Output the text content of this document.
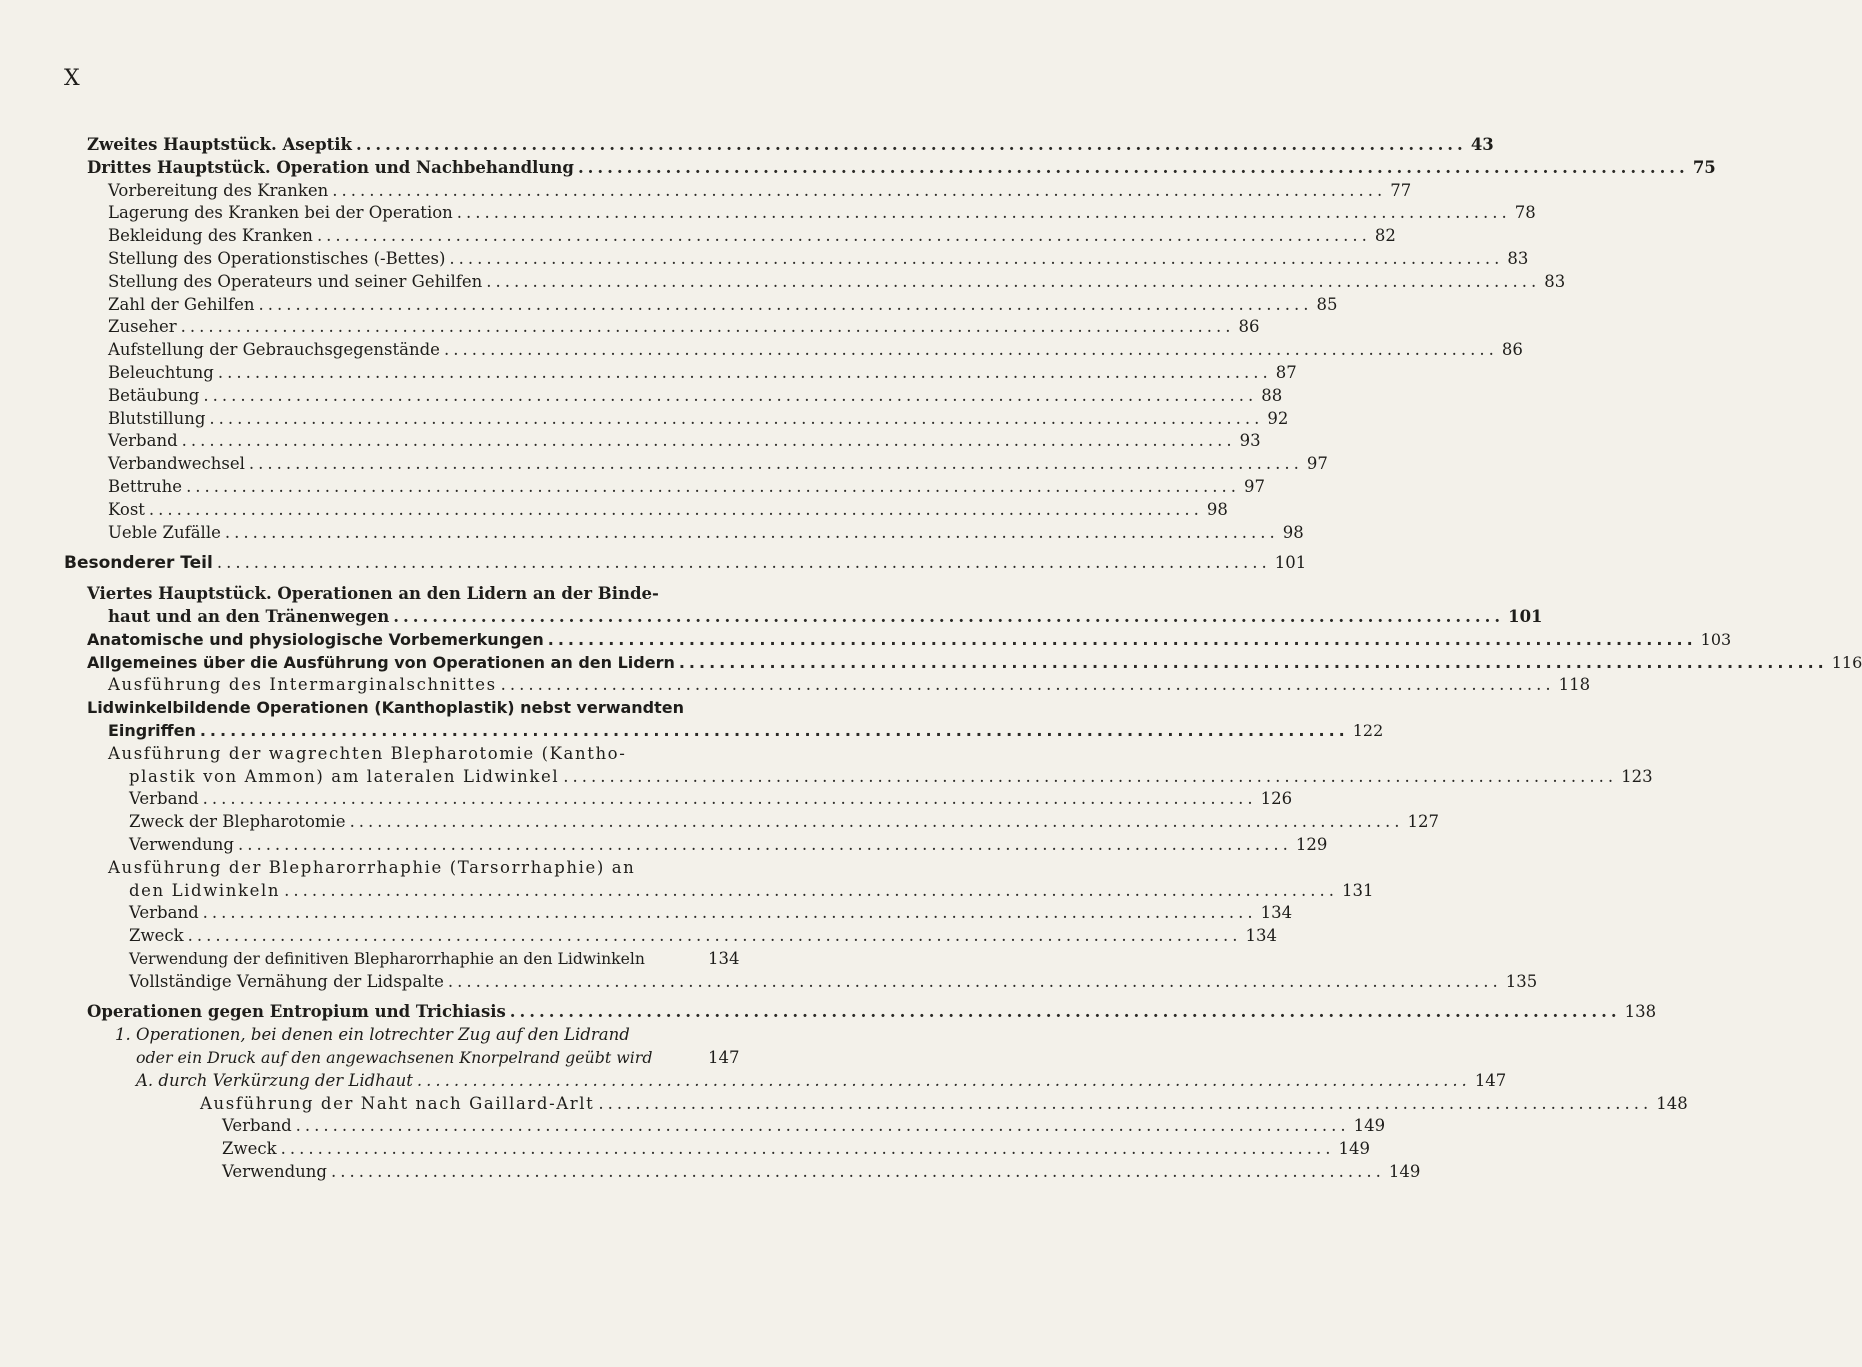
X
Zweites Hauptstück. Aseptik .................................................................................................................. 43
Drittes Hauptstück. Operation und Nachbehandlung .................................................................................................................. 75
Vorbereitung des Kranken .................................................................................................................. 77
Lagerung des Kranken bei der Operation .................................................................................................................. 78
Bekleidung des Kranken .................................................................................................................. 82
Stellung des Operationstisches (-Bettes) .................................................................................................................. 83
Stellung des Operateurs und seiner Gehilfen .................................................................................................................. 83
Zahl der Gehilfen .................................................................................................................. 85
Zuseher .................................................................................................................. 86
Aufstellung der Gebrauchsgegenstände .................................................................................................................. 86
Beleuchtung .................................................................................................................. 87
Betäubung .................................................................................................................. 88
Blutstillung .................................................................................................................. 92
Verband .................................................................................................................. 93
Verbandwechsel .................................................................................................................. 97
Bettruhe .................................................................................................................. 97
Kost .................................................................................................................. 98
Ueble Zufälle .................................................................................................................. 98
Besonderer Teil .................................................................................................................. 101
Viertes Hauptstück. Operationen an den Lidern an der Binde-
haut und an den Tränenwegen .................................................................................................................. 101
Anatomische und physiologische Vorbemerkungen .................................................................................................................. 103
Allgemeines über die Ausführung von Operationen an den Lidern .................................................................................................................. 116
Ausführung des Intermarginalschnittes .................................................................................................................. 118
Lidwinkelbildende Operationen (Kanthoplastik) nebst verwandten
Eingriffen .................................................................................................................. 122
Ausführung der wagrechten Blepharotomie (Kantho-
plastik von Ammon) am lateralen Lidwinkel .................................................................................................................. 123
Verband .................................................................................................................. 126
Zweck der Blepharotomie .................................................................................................................. 127
Verwendung .................................................................................................................. 129
Ausführung der Blepharorrhaphie (Tarsorrhaphie) an
den Lidwinkeln .................................................................................................................. 131
Verband .................................................................................................................. 134
Zweck .................................................................................................................. 134
Verwendung der definitiven Blepharorrhaphie an den Lidwinkeln	134
Vollständige Vernähung der Lidspalte .................................................................................................................. 135
Operationen gegen Entropium und Trichiasis .................................................................................................................. 138
1. Operationen, bei denen ein lotrechter Zug auf den Lidrand
oder ein Druck auf den angewachsenen Knorpelrand geübt wird	147
A. durch Verkürzung der Lidhaut .................................................................................................................. 147
Ausführung der Naht nach Gaillard-Arlt .................................................................................................................. 148
Verband .................................................................................................................. 149
Zweck .................................................................................................................. 149
Verwendung .................................................................................................................. 149
